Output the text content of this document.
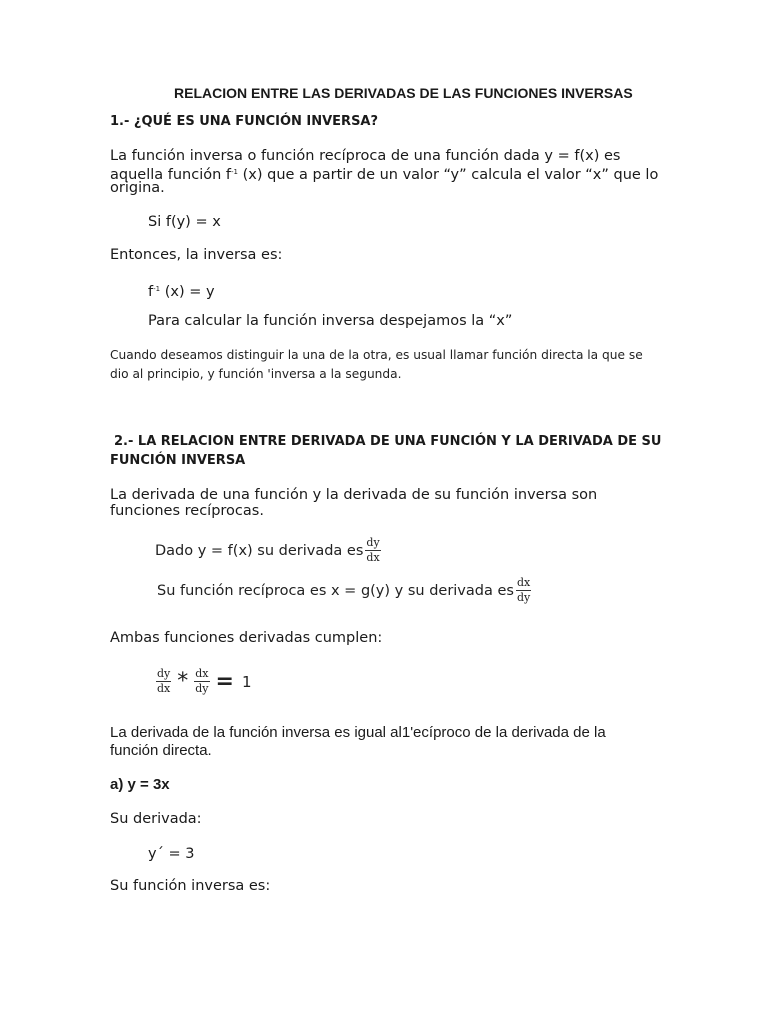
RELACION ENTRE LAS DERIVADAS DE LAS FUNCIONES INVERSAS
1.- ¿QUÉ ES UNA FUNCIÓN INVERSA?
La función inversa o función recíproca de una función dada y = f(x) es
aquella función $f^{-1}$ (x) que a partir de un valor “y” calcula el valor “x” que lo
origina.
Si f(y) = x
Entonces, la inversa es:
$f^{-1}$ (x) = y
Para calcular la función inversa despejamos la “x”
Cuando deseamos distinguir la una de la otra, es usual llamar función directa la que se
dio al principio, y función 'inversa a la segunda.
2.- LA RELACION ENTRE DERIVADA DE UNA FUNCIÓN Y LA DERIVADA DE SU
FUNCIÓN INVERSA
La derivada de una función y la derivada de su función inversa son
funciones recíprocas.
Dado y = f(x) su derivada es $\frac{dy}{dx}$
Su función recíproca es x = g(y) y su derivada es $\frac{dx}{dy}$
Ambas funciones derivadas cumplen:
$\frac{dy}{dx} * \frac{dx}{dy} = 1$
La derivada de la función inversa es igual al1'ecíproco de la derivada de la
función directa.
a) y = 3x
Su derivada:
y´ = 3
Su función inversa es:
